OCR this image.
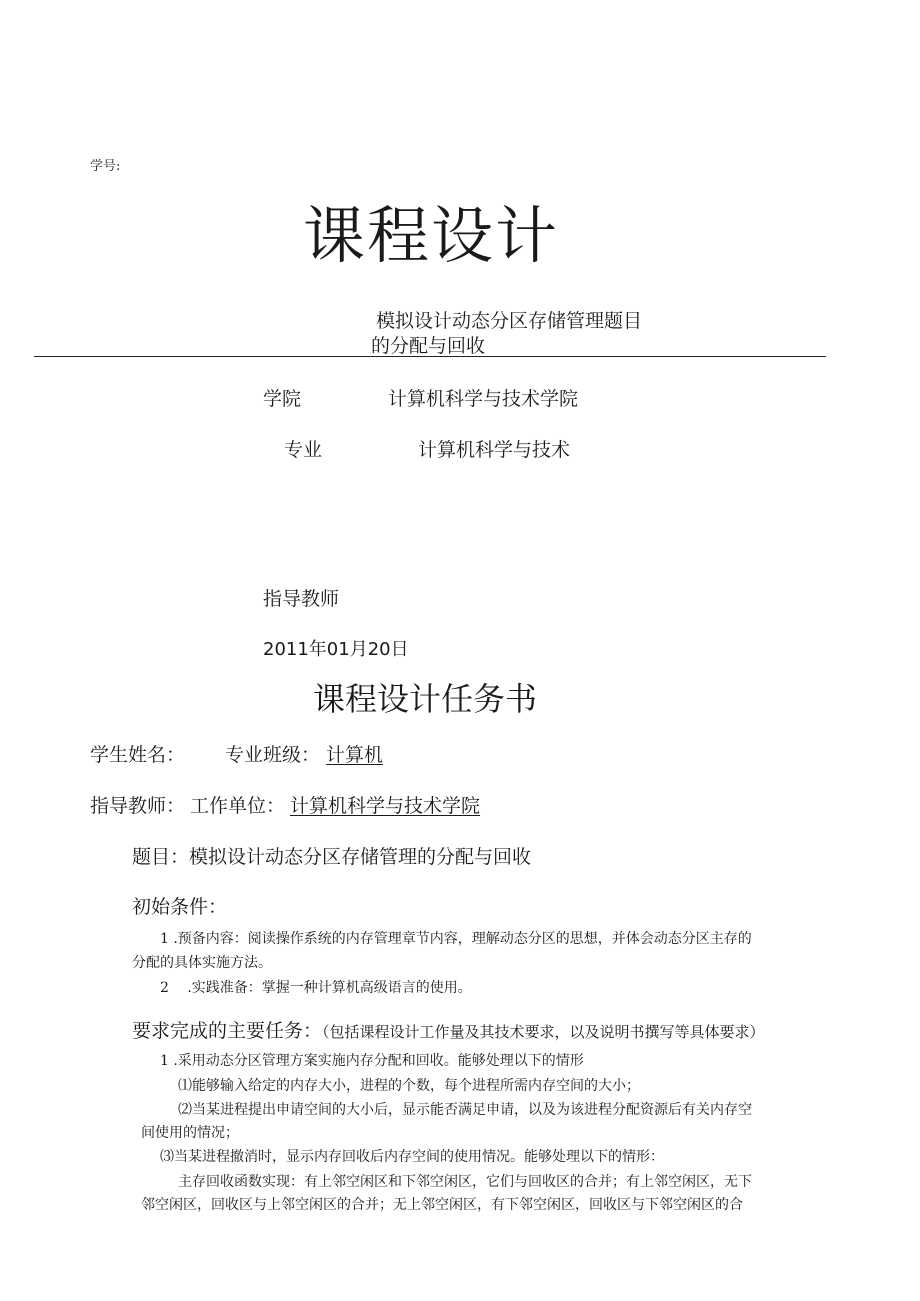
学号:
课程设计
模拟设计动态分区存储管理题目
的分配与回收
学院	计算机科学与技术学院
专业	计算机科学与技术
指导教师
2011年01月20日
课程设计任务书
学生姓名： 专业班级： 计算机
指导教师： 工作单位： 计算机科学与技术学院
题目：模拟设计动态分区存储管理的分配与回收
初始条件：
1 .预备内容：阅读操作系统的内存管理章节内容，理解动态分区的思想，并体会动态分区主存的
分配的具体实施方法。
2　 .实践准备：掌握一种计算机高级语言的使用。
要求完成的主要任务：（包括课程设计工作量及其技术要求，以及说明书撰写等具体要求）
1 .采用动态分区管理方案实施内存分配和回收。能够处理以下的情形
⑴能够输入给定的内存大小，进程的个数，每个进程所需内存空间的大小；
⑵当某进程提出申请空间的大小后，显示能否满足申请，以及为该进程分配资源后有关内存空
间使用的情况；
⑶当某进程撤消时，显示内存回收后内存空间的使用情况。能够处理以下的情形：
主存回收函数实现：有上邻空闲区和下邻空闲区，它们与回收区的合并；有上邻空闲区，无下
邻空闲区，回收区与上邻空闲区的合并；无上邻空闲区，有下邻空闲区，回收区与下邻空闲区的合
